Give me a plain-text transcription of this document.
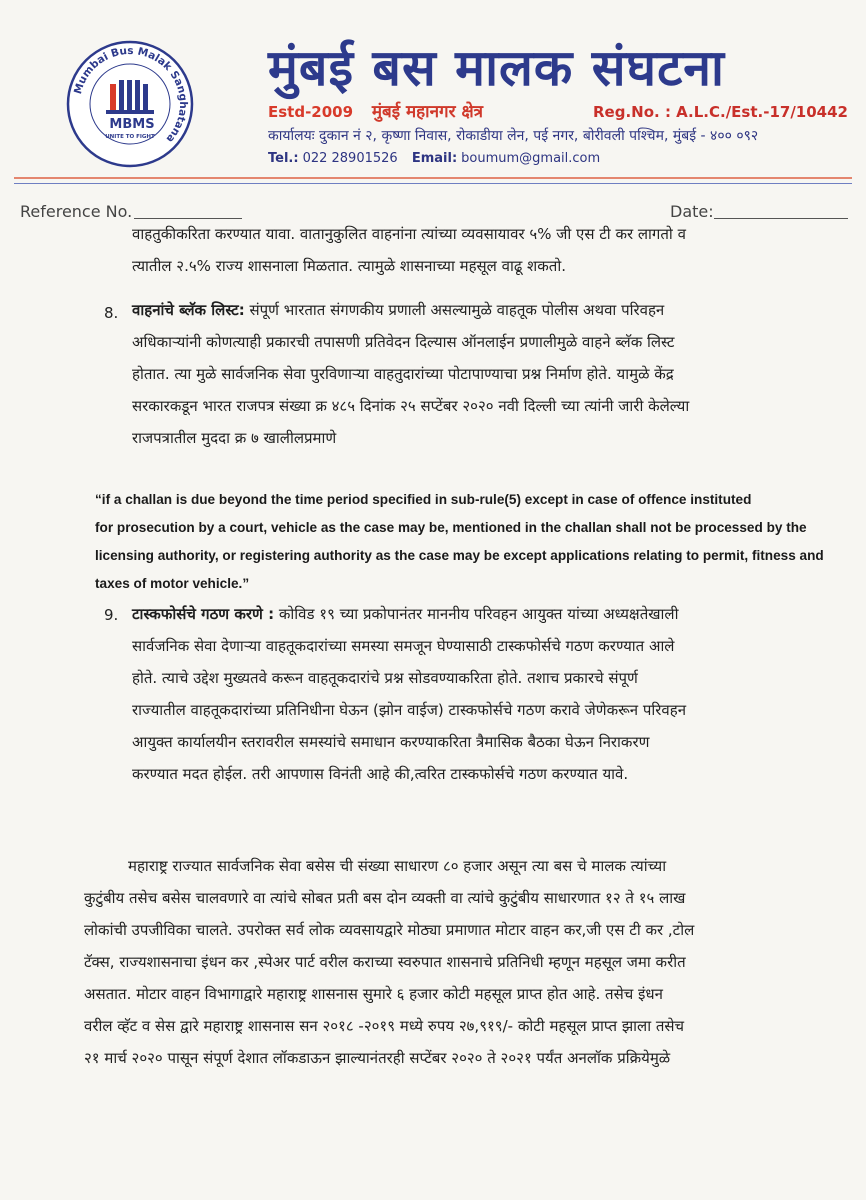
Mumbai Bus Malak Sanghatana
MBMS
UNITE TO FIGHT
मुंबई बस मालक संघटना
Estd-2009 मुंबई महानगर क्षेत्र	Reg.No. : A.L.C./Est.-17/10442
कार्यालयः दुकान नं २, कृष्णा निवास, रोकाडीया लेन, पई नगर, बोरीवली पश्चिम, मुंबई - ४०० ०९२
Tel.: 022 28901526 Email: boumum@gmail.com
Reference No.	Date:
वाहतुकीकरिता करण्यात यावा. वातानुकुलित वाहनांना त्यांच्या व्यवसायावर ५% जी एस टी कर लागतो व
त्यातील २.५% राज्य शासनाला मिळतात. त्यामुळे शासनाच्या महसूल वाढू शकतो.
8. वाहनांचे ब्लॅक लिस्ट: संपूर्ण भारतात संगणकीय प्रणाली असल्यामुळे वाहतूक पोलीस अथवा परिवहन
अधिकाऱ्यांनी कोणत्याही प्रकारची तपासणी प्रतिवेदन दिल्यास ऑनलाईन प्रणालीमुळे वाहने ब्लॅक लिस्ट
होतात. त्या मुळे सार्वजनिक सेवा पुरविणाऱ्या वाहतुदारांच्या पोटापाण्याचा प्रश्न निर्माण होते. यामुळे केंद्र
सरकारकडून भारत राजपत्र संख्या क्र ४८५ दिनांक २५ सप्टेंबर २०२० नवी दिल्ली च्या त्यांनी जारी केलेल्या
राजपत्रातील मुददा क्र ७ खालीलप्रमाणे
“if a challan is due beyond the time period specified in sub-rule(5) except in case of offence instituted
for prosecution by a court, vehicle as the case may be, mentioned in the challan shall not be processed by the
licensing authority, or registering authority as the case may be except applications relating to permit, fitness and
taxes of motor vehicle.”
9. टास्कफोर्सचे गठण करणे : कोविड १९ च्या प्रकोपानंतर माननीय परिवहन आयुक्त यांच्या अध्यक्षतेखाली
सार्वजनिक सेवा देणाऱ्या वाहतूकदारांच्या समस्या समजून घेण्यासाठी टास्कफोर्सचे गठण करण्यात आले
होते. त्याचे उद्देश मुख्यतवे करून वाहतूकदारांचे प्रश्न सोडवण्याकरिता होते. तशाच प्रकारचे संपूर्ण
राज्यातील वाहतूकदारांच्या प्रतिनिधीना घेऊन (झोन वाईज) टास्कफोर्सचे गठण करावे जेणेकरून परिवहन
आयुक्त कार्यालयीन स्तरावरील समस्यांचे समाधान करण्याकरिता त्रैमासिक बैठका घेऊन निराकरण
करण्यात मदत होईल. तरी आपणास विनंती आहे की,त्वरित टास्कफोर्सचे गठण करण्यात यावे.
महाराष्ट्र राज्यात सार्वजनिक सेवा बसेस ची संख्या साधारण ८० हजार असून त्या बस चे मालक त्यांच्या
कुटुंबीय तसेच बसेस चालवणारे वा त्यांचे सोबत प्रती बस दोन व्यक्ती वा त्यांचे कुटुंबीय साधारणात १२ ते १५ लाख
लोकांची उपजीविका चालते. उपरोक्त सर्व लोक व्यवसायद्वारे मोठ्या प्रमाणात मोटार वाहन कर,जी एस टी कर ,टोल
टॅक्स, राज्यशासनाचा इंधन कर ,स्पेअर पार्ट वरील कराच्या स्वरुपात शासनाचे प्रतिनिधी म्हणून महसूल जमा करीत
असतात. मोटार वाहन विभागाद्वारे महाराष्ट्र शासनास सुमारे ६ हजार कोटी महसूल प्राप्त होत आहे. तसेच इंधन
वरील व्हॅट व सेस द्वारे महाराष्ट्र शासनास सन २०१८ -२०१९ मध्ये रुपय २७,९१९/- कोटी महसूल प्राप्त झाला तसेच
२१ मार्च २०२० पासून संपूर्ण देशात लॉकडाऊन झाल्यानंतरही सप्टेंबर २०२० ते २०२१ पर्यंत अनलॉक प्रक्रियेमुळे
